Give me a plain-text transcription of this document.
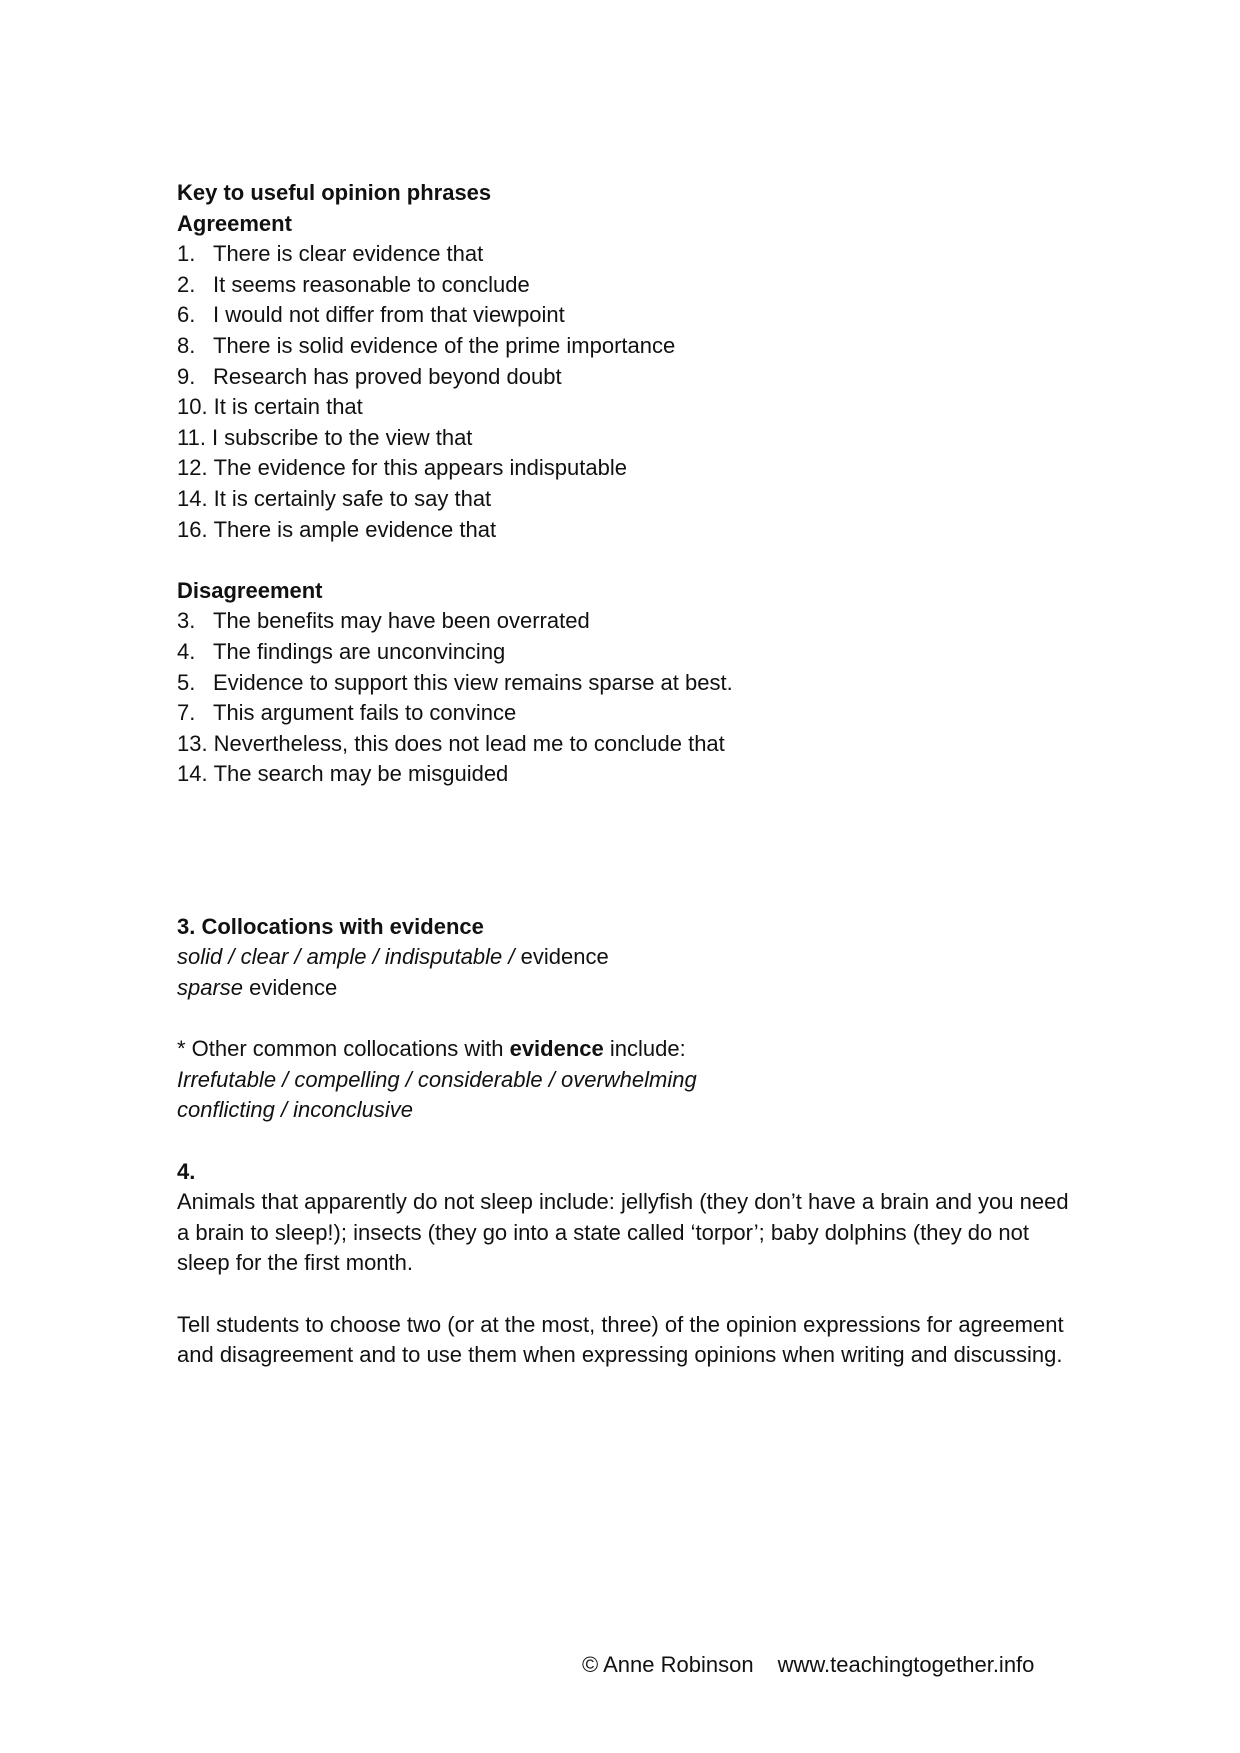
Key to useful opinion phrases
Agreement
1. There is clear evidence that
2. It seems reasonable to conclude
6. I would not differ from that viewpoint
8. There is solid evidence of the prime importance
9. Research has proved beyond doubt
10. It is certain that
11. I subscribe to the view that
12. The evidence for this appears indisputable
14. It is certainly safe to say that
16. There is ample evidence that
Disagreement
3. The benefits may have been overrated
4. The findings are unconvincing
5. Evidence to support this view remains sparse at best.
7. This argument fails to convince
13. Nevertheless, this does not lead me to conclude that
14. The search may be misguided
3. Collocations with evidence
solid / clear / ample / indisputable / evidence
sparse evidence
* Other common collocations with evidence include:
Irrefutable / compelling / considerable / overwhelming
conflicting / inconclusive
4.
Animals that apparently do not sleep include: jellyfish (they don’t have a brain and you need a brain to sleep!); insects (they go into a state called ‘torpor’; baby dolphins (they do not sleep for the first month.
Tell students to choose two (or at the most, three) of the opinion expressions for agreement and disagreement and to use them when expressing opinions when writing and discussing.
© Anne Robinson www.teachingtogether.info
